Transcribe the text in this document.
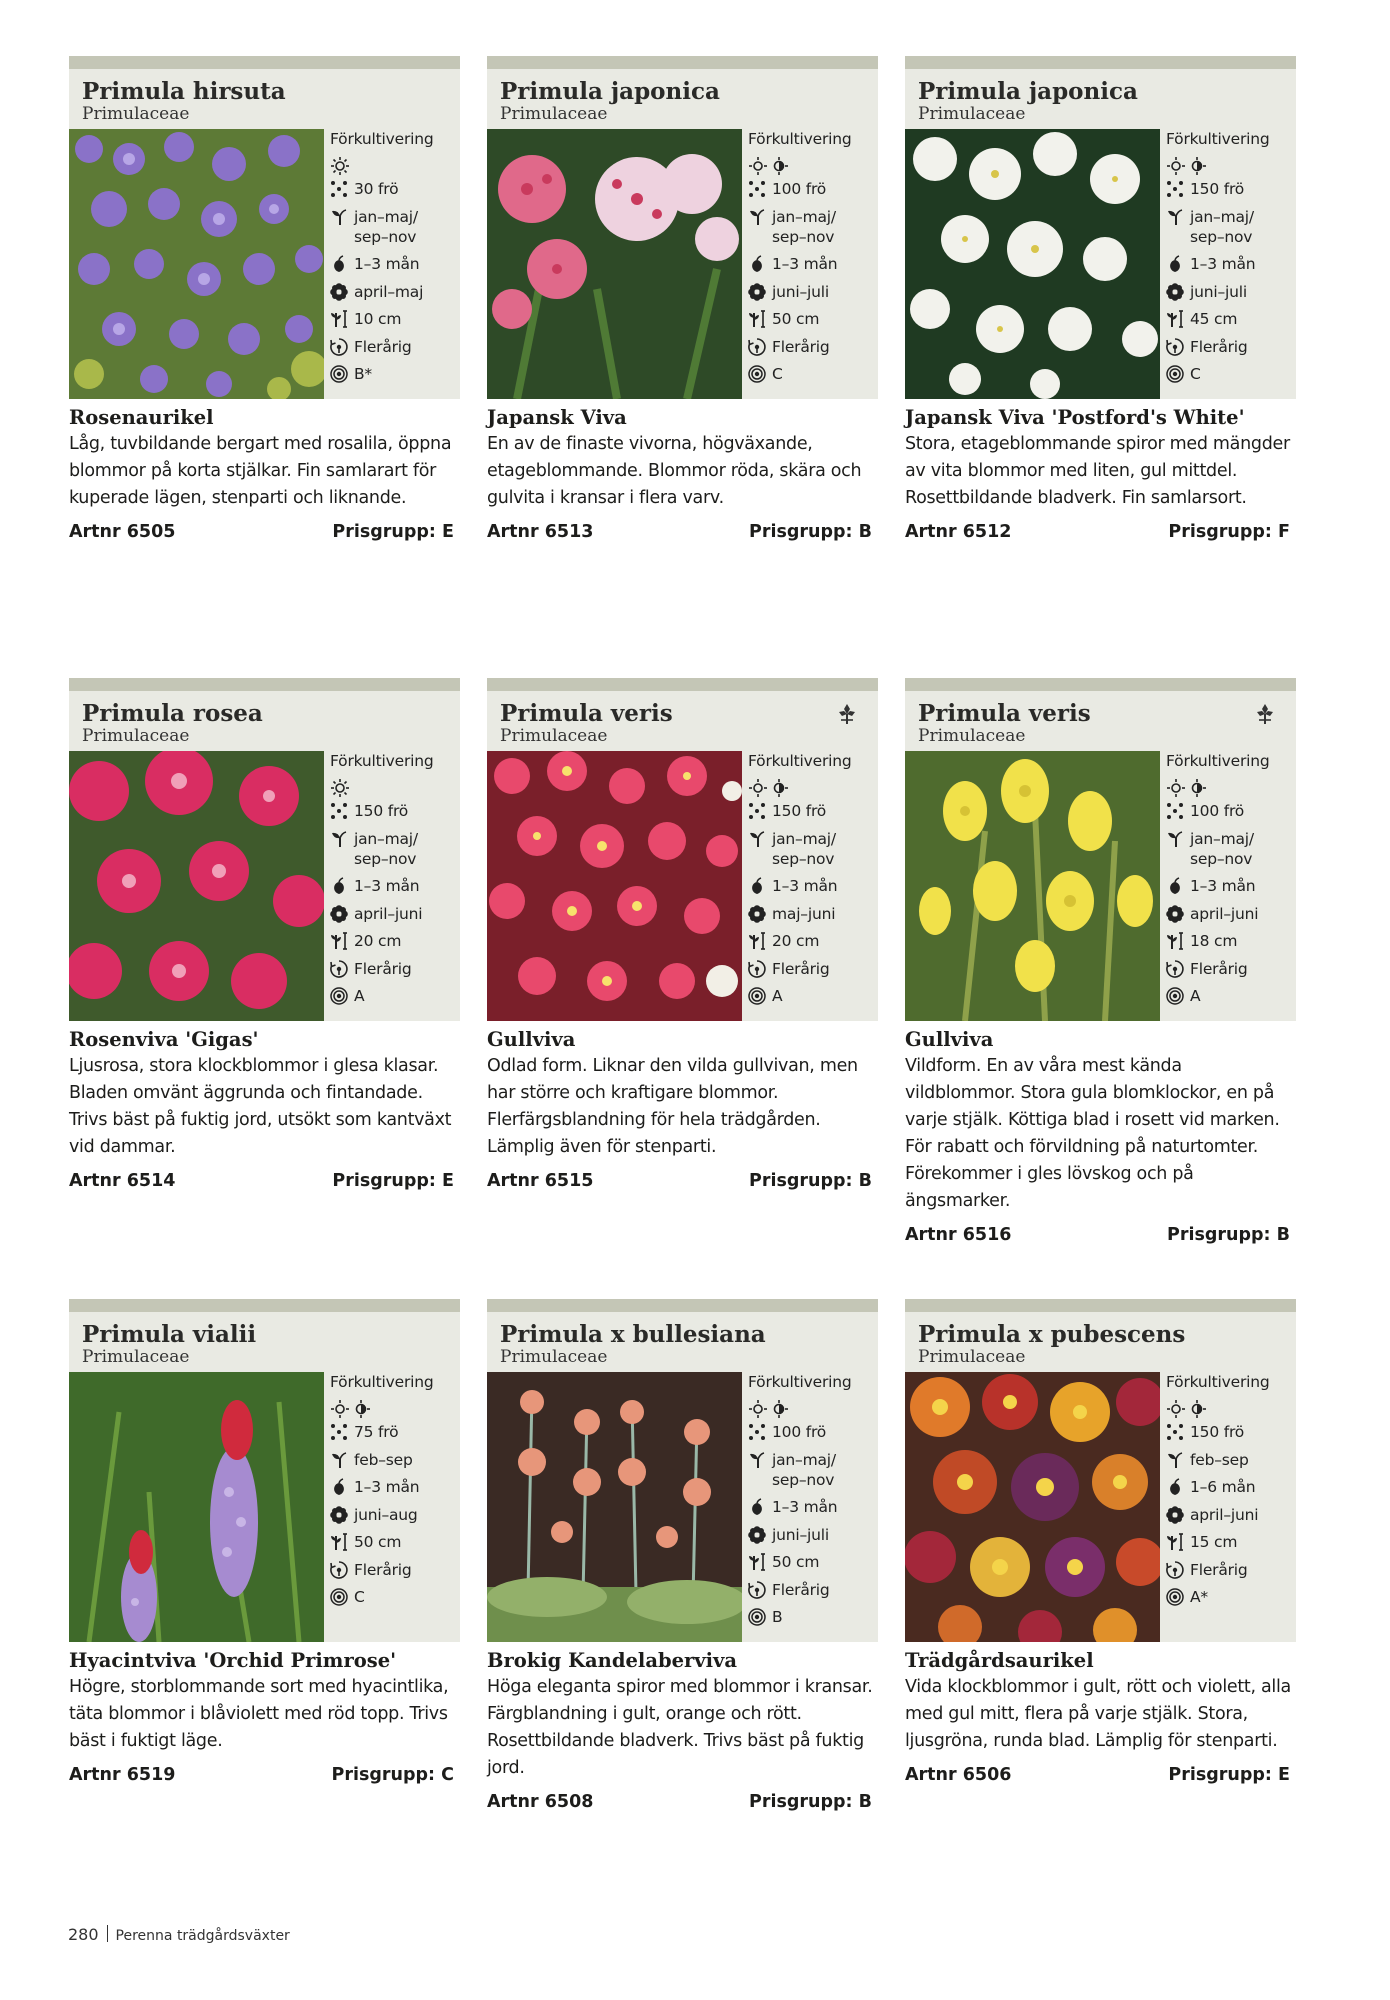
Primula hirsuta
Primulaceae
Förkultivering
30 frö
jan–maj/
sep–nov
1–3 mån
april–maj
10 cm
Flerårig
B*
Rosenaurikel
Låg, tuvbildande bergart med rosalila, öppna blommor på korta stjälkar. Fin samlarart för kuperade lägen, stenparti och liknande.
Artnr 6505	Prisgrupp: E
Primula japonica
Primulaceae
Förkultivering
100 frö
jan–maj/
sep–nov
1–3 mån
juni–juli
50 cm
Flerårig
C
Japansk Viva
En av de finaste vivorna, högväxande, etageblommande. Blommor röda, skära och gulvita i kransar i flera varv.
Artnr 6513	Prisgrupp: B
Primula japonica
Primulaceae
Förkultivering
150 frö
jan–maj/
sep–nov
1–3 mån
juni–juli
45 cm
Flerårig
C
Japansk Viva 'Postford's White'
Stora, etageblommande spiror med mängder av vita blommor med liten, gul mittdel. Rosettbildande bladverk. Fin samlarsort.
Artnr 6512	Prisgrupp: F
Primula rosea
Primulaceae
Förkultivering
150 frö
jan–maj/
sep–nov
1–3 mån
april–juni
20 cm
Flerårig
A
Rosenviva 'Gigas'
Ljusrosa, stora klockblommor i glesa klasar. Bladen omvänt äggrunda och fintandade. Trivs bäst på fuktig jord, utsökt som kantväxt vid dammar.
Artnr 6514	Prisgrupp: E
Primula veris
Primulaceae
Förkultivering
150 frö
jan–maj/
sep–nov
1–3 mån
maj–juni
20 cm
Flerårig
A
Gullviva
Odlad form. Liknar den vilda gullvivan, men har större och kraftigare blommor. Flerfärgsblandning för hela trädgården. Lämplig även för stenparti.
Artnr 6515	Prisgrupp: B
Primula veris
Primulaceae
Förkultivering
100 frö
jan–maj/
sep–nov
1–3 mån
april–juni
18 cm
Flerårig
A
Gullviva
Vildform. En av våra mest kända vildblommor. Stora gula blomklockor, en på varje stjälk. Köttiga blad i rosett vid marken. För rabatt och förvildning på naturtomter. Förekommer i gles lövskog och på ängsmarker.
Artnr 6516	Prisgrupp: B
Primula vialii
Primulaceae
Förkultivering
75 frö
feb–sep
1–3 mån
juni–aug
50 cm
Flerårig
C
Hyacintviva 'Orchid Primrose'
Högre, storblommande sort med hyacintlika, täta blommor i blåviolett med röd topp. Trivs bäst i fuktigt läge.
Artnr 6519	Prisgrupp: C
Primula x bullesiana
Primulaceae
Förkultivering
100 frö
jan–maj/
sep–nov
1–3 mån
juni–juli
50 cm
Flerårig
B
Brokig Kandelaberviva
Höga eleganta spiror med blommor i kransar. Färgblandning i gult, orange och rött. Rosettbildande bladverk. Trivs bäst på fuktig jord.
Artnr 6508	Prisgrupp: B
Primula x pubescens
Primulaceae
Förkultivering
150 frö
feb–sep
1–6 mån
april–juni
15 cm
Flerårig
A*
Trädgårdsaurikel
Vida klockblommor i gult, rött och violett, alla med gul mitt, flera på varje stjälk. Stora, ljusgröna, runda blad. Lämplig för stenparti.
Artnr 6506	Prisgrupp: E
280 Perenna trädgårdsväxter
